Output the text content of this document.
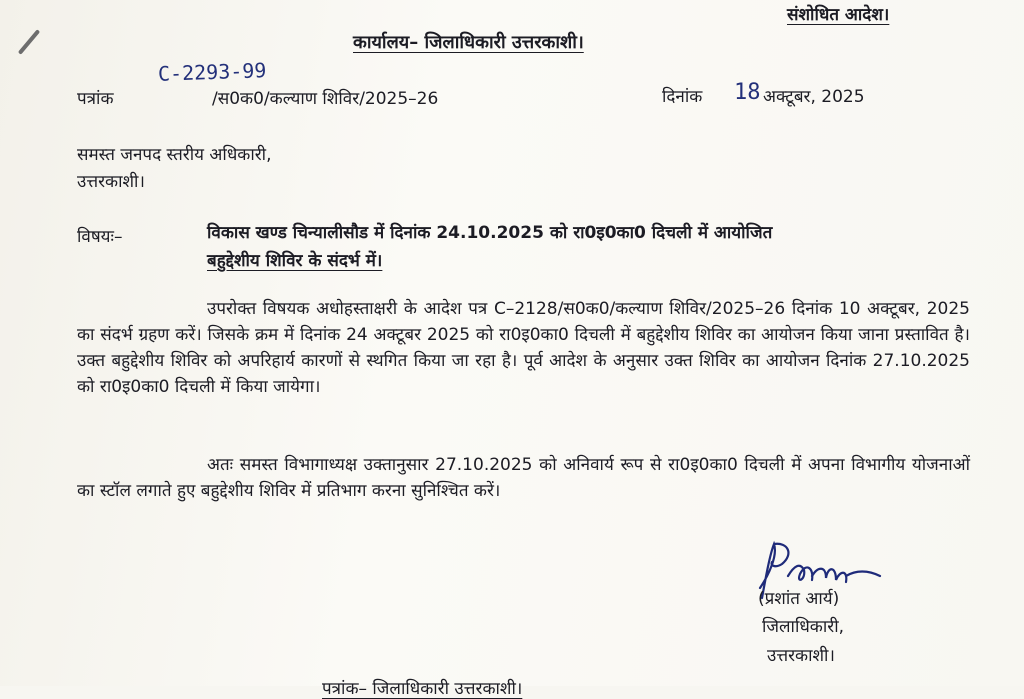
संशोधित आदेश।
कार्यालय– जिलाधिकारी उत्तरकाशी।
पत्रांक
C-2293-99
/स0क0/कल्याण शिविर/2025–26	दिनांक 18 अक्टूबर, 2025
समस्त जनपद स्तरीय अधिकारी,
उत्तरकाशी।
विषयः–	विकास खण्ड चिन्यालीसौड में दिनांक 24.10.2025 को रा0इ0का0 दिचली में आयोजित
बहुद्देशीय शिविर के संदर्भ में।
उपरोक्त विषयक अधोहस्ताक्षरी के आदेश पत्र C–2128/स0क0/कल्याण शिविर/2025–26 दिनांक 10 अक्टूबर, 2025 का संदर्भ ग्रहण करें। जिसके क्रम में दिनांक 24 अक्टूबर 2025 को रा0इ0का0 दिचली में बहुद्देशीय शिविर का आयोजन किया जाना प्रस्तावित है। उक्त बहुद्देशीय शिविर को अपरिहार्य कारणों से स्थगित किया जा रहा है। पूर्व आदेश के अनुसार उक्त शिविर का आयोजन दिनांक 27.10.2025 को रा0इ0का0 दिचली में किया जायेगा।
अतः समस्त विभागाध्यक्ष उक्तानुसार 27.10.2025 को अनिवार्य रूप से रा0इ0का0 दिचली में अपना विभागीय योजनाओं का स्टॉल लगाते हुए बहुद्देशीय शिविर में प्रतिभाग करना सुनिश्चित करें।
(प्रशांत आर्य)
जिलाधिकारी,
उत्तरकाशी।
पत्रांक– जिलाधिकारी उत्तरकाशी।
